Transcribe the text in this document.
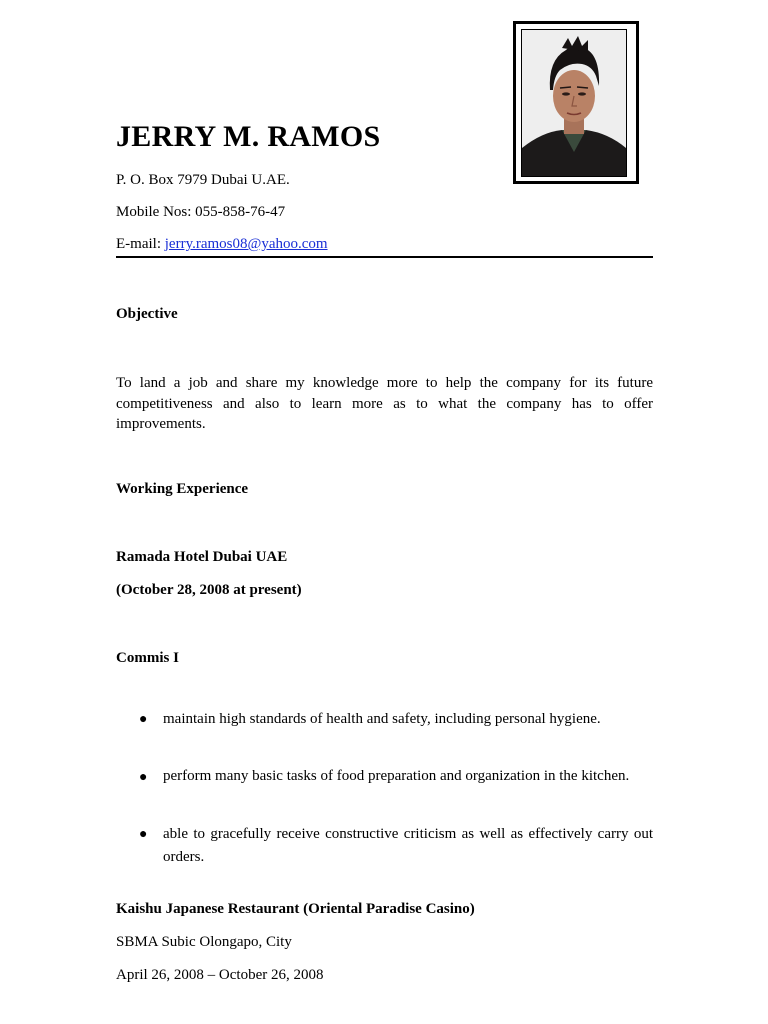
JERRY M. RAMOS
P. O. Box 7979 Dubai U.AE.
Mobile Nos: 055-858-76-47
E-mail: jerry.ramos08@yahoo.com
Objective
To land a job and share my knowledge more to help the company for its future competitiveness and also to learn more as to what the company has to offer improvements.
Working Experience
Ramada Hotel Dubai UAE
(October 28, 2008 at present)
Commis I
● maintain high standards of health and safety, including personal hygiene.
● perform many basic tasks of food preparation and organization in the kitchen.
● able to gracefully receive constructive criticism as well as effectively carry out orders.
Kaishu Japanese Restaurant (Oriental Paradise Casino)
SBMA Subic Olongapo, City
April 26, 2008 – October 26, 2008
